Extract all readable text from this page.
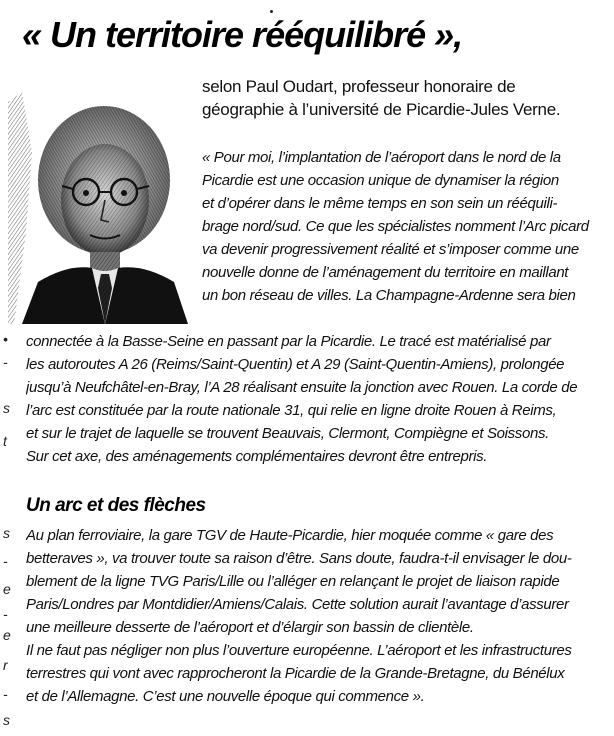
« Un territoire rééquilibré »,
selon Paul Oudart, professeur honoraire de
géographie à l’université de Picardie-Jules Verne.
« Pour moi, l’implantation de l’aéroport dans le nord de la
Picardie est une occasion unique de dynamiser la région
et d’opérer dans le même temps en son sein un rééquili-
brage nord/sud. Ce que les spécialistes nomment l’Arc picard
va devenir progressivement réalité et s’imposer comme une
nouvelle donne de l’aménagement du territoire en maillant
un bon réseau de villes. La Champagne-Ardenne sera bien
connectée à la Basse-Seine en passant par la Picardie. Le tracé est matérialisé par
les autoroutes A 26 (Reims/Saint-Quentin) et A 29 (Saint-Quentin-Amiens), prolongée
jusqu’à Neufchâtel-en-Bray, l’A 28 réalisant ensuite la jonction avec Rouen. La corde de
l’arc est constituée par la route nationale 31, qui relie en ligne droite Rouen à Reims,
et sur le trajet de laquelle se trouvent Beauvais, Clermont, Compiègne et Soissons.
Sur cet axe, des aménagements complémentaires devront être entrepris.
Un arc et des flèches
Au plan ferroviaire, la gare TGV de Haute-Picardie, hier moquée comme « gare des
betteraves », va trouver toute sa raison d’être. Sans doute, faudra-t-il envisager le dou-
blement de la ligne TVG Paris/Lille ou l’alléger en relançant le projet de liaison rapide
Paris/Londres par Montdidier/Amiens/Calais. Cette solution aurait l’avantage d’assurer
une meilleure desserte de l’aéroport et d’élargir son bassin de clientèle.
Il ne faut pas négliger non plus l’ouverture européenne. L’aéroport et les infrastructures
terrestres qui vont avec rapprocheront la Picardie de la Grande-Bretagne, du Bénélux
et de l’Allemagne. C’est une nouvelle époque qui commence ».
•
-
s
t
s
-
e
-
e
r
-
s
